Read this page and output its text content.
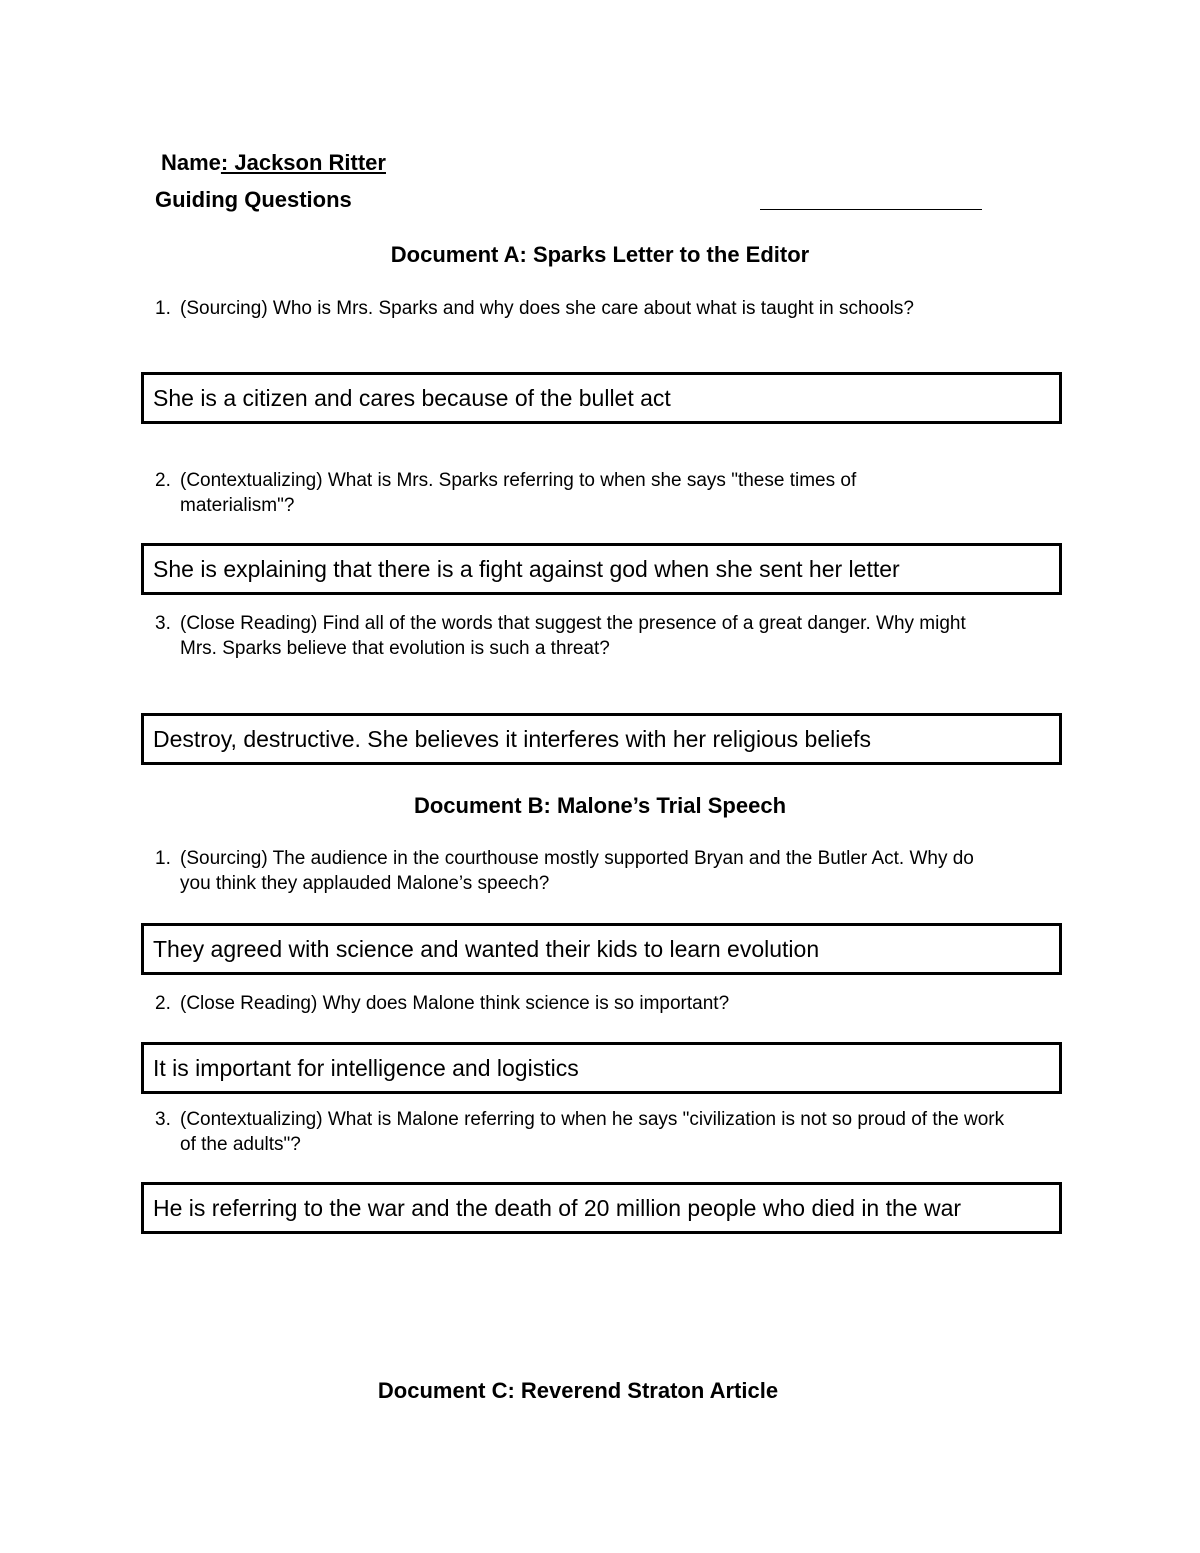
Name: Jackson Ritter
Guiding Questions
Document A: Sparks Letter to the Editor
1. (Sourcing) Who is Mrs. Sparks and why does she care about what is taught in schools?
She is a citizen and cares because of the bullet act
2. (Contextualizing) What is Mrs. Sparks referring to when she says "these times of materialism"?
She is explaining that there is a fight against god when she sent her letter
3. (Close Reading) Find all of the words that suggest the presence of a great danger. Why might Mrs. Sparks believe that evolution is such a threat?
Destroy, destructive. She believes it interferes with her religious beliefs
Document B: Malone’s Trial Speech
1. (Sourcing) The audience in the courthouse mostly supported Bryan and the Butler Act. Why do you think they applauded Malone’s speech?
They agreed with science and wanted their kids to learn evolution
2. (Close Reading) Why does Malone think science is so important?
It is important for intelligence and logistics
3. (Contextualizing) What is Malone referring to when he says "civilization is not so proud of the work of the adults"?
He is referring to the war and the death of 20 million people who died in the war
Document C: Reverend Straton Article
